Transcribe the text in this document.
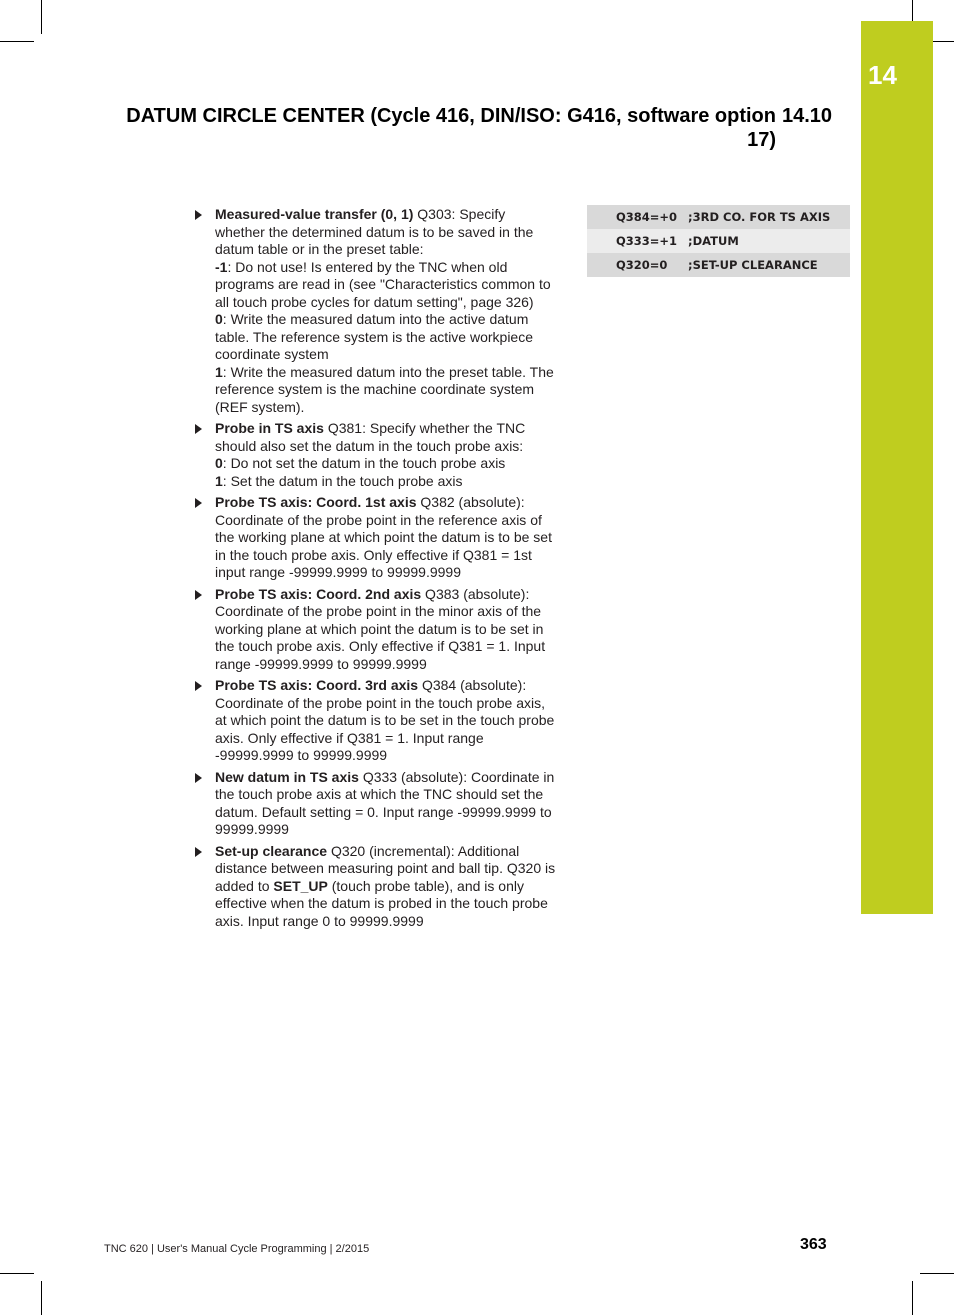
14
DATUM CIRCLE CENTER (Cycle 416, DIN/ISO: G416, software option
17)
14.10
Measured-value transfer (0, 1) Q303: Specify whether the determined datum is to be saved in the datum table or in the preset table:
-1: Do not use! Is entered by the TNC when old programs are read in (see "Characteristics common to all touch probe cycles for datum setting", page 326)
0: Write the measured datum into the active datum table. The reference system is the active workpiece coordinate system
1: Write the measured datum into the preset table. The reference system is the machine coordinate system (REF system).
Probe in TS axis Q381: Specify whether the TNC should also set the datum in the touch probe axis:
0: Do not set the datum in the touch probe axis
1: Set the datum in the touch probe axis
Probe TS axis: Coord. 1st axis Q382 (absolute): Coordinate of the probe point in the reference axis of the working plane at which point the datum is to be set in the touch probe axis. Only effective if Q381 = 1st input range -99999.9999 to 99999.9999
Probe TS axis: Coord. 2nd axis Q383 (absolute): Coordinate of the probe point in the minor axis of the working plane at which point the datum is to be set in the touch probe axis. Only effective if Q381 = 1. Input range -99999.9999 to 99999.9999
Probe TS axis: Coord. 3rd axis Q384 (absolute): Coordinate of the probe point in the touch probe axis, at which point the datum is to be set in the touch probe axis. Only effective if Q381 = 1. Input range -99999.9999 to 99999.9999
New datum in TS axis Q333 (absolute): Coordinate in the touch probe axis at which the TNC should set the datum. Default setting = 0. Input range -99999.9999 to 99999.9999
Set-up clearance Q320 (incremental): Additional distance between measuring point and ball tip. Q320 is added to SET_UP (touch probe table), and is only effective when the datum is probed in the touch probe axis. Input range 0 to 99999.9999
Q384=+0 ;3RD CO. FOR TS AXIS
Q333=+1 ;DATUM
Q320=0	;SET-UP CLEARANCE
TNC 620 | User's Manual Cycle Programming | 2/2015	363
